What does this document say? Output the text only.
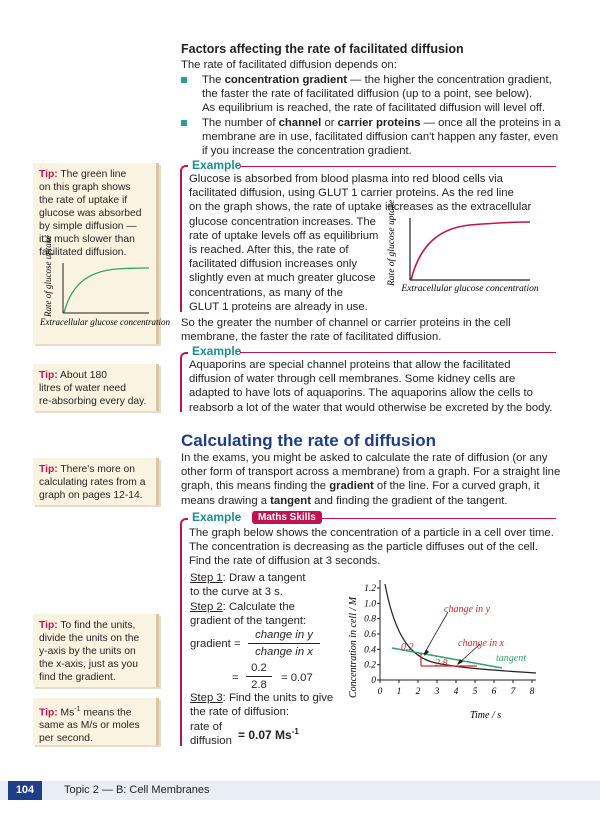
Factors affecting the rate of facilitated diffusion
The rate of facilitated diffusion depends on:
The concentration gradient — the higher the concentration gradient,
the faster the rate of facilitated diffusion (up to a point, see below).
As equilibrium is reached, the rate of facilitated diffusion will level off.
The number of channel or carrier proteins — once all the proteins in a
membrane are in use, facilitated diffusion can't happen any faster, even
if you increase the concentration gradient.
Example
Glucose is absorbed from blood plasma into red blood cells via
facilitated diffusion, using GLUT 1 carrier proteins. As the red line
on the graph shows, the rate of uptake increases as the extracellular
glucose concentration increases. The
rate of uptake levels off as equilibrium
is reached. After this, the rate of
facilitated diffusion increases only
slightly even at much greater glucose
concentrations, as many of the
GLUT 1 proteins are already in use.
Rate of glucose uptake
Extracellular glucose concentration
So the greater the number of channel or carrier proteins in the cell
membrane, the faster the rate of facilitated diffusion.
Example
Aquaporins are special channel proteins that allow the facilitated
diffusion of water through cell membranes. Some kidney cells are
adapted to have lots of aquaporins. The aquaporins allow the cells to
reabsorb a lot of the water that would otherwise be excreted by the body.
Calculating the rate of diffusion
In the exams, you might be asked to calculate the rate of diffusion (or any
other form of transport across a membrane) from a graph. For a straight line
graph, this means finding the gradient of the line. For a curved graph, it
means drawing a tangent and finding the gradient of the tangent.
Example	Maths Skills
The graph below shows the concentration of a particle in a cell over time.
The concentration is decreasing as the particle diffuses out of the cell.
Find the rate of diffusion at 3 seconds.
Step 1: Draw a tangent
to the curve at 3 s.
Step 2: Calculate the
gradient of the tangent:
gradient =
change in y
change in x
=
0.2
2.8
= 0.07
Step 3: Find the units to give
the rate of diffusion:
rate of
diffusion = 0.07 $Ms^{-1}$
Concentration in cell / M
1.2
1.0
0.8
0.6
0.4
0.2
0
0 1 2 3 4 5 6 7 8
change in y
change in x
tangent
0.2
2.8
Time / s
Tip: The green line
on this graph shows
the rate of uptake if
glucose was absorbed
by simple diffusion —
it's much slower than
facilitated diffusion.
Rate of glucose uptake
Extracellular glucose concentration
Tip: About 180
litres of water need
re-absorbing every day.
Tip: There's more on
calculating rates from a
graph on pages 12-14.
Tip: To find the units,
divide the units on the
y-axis by the units on
the x-axis, just as you
find the gradient.
Tip: $Ms^{-1}$ means the
same as M/s or moles
per second.
104	Topic 2 — B: Cell Membranes
